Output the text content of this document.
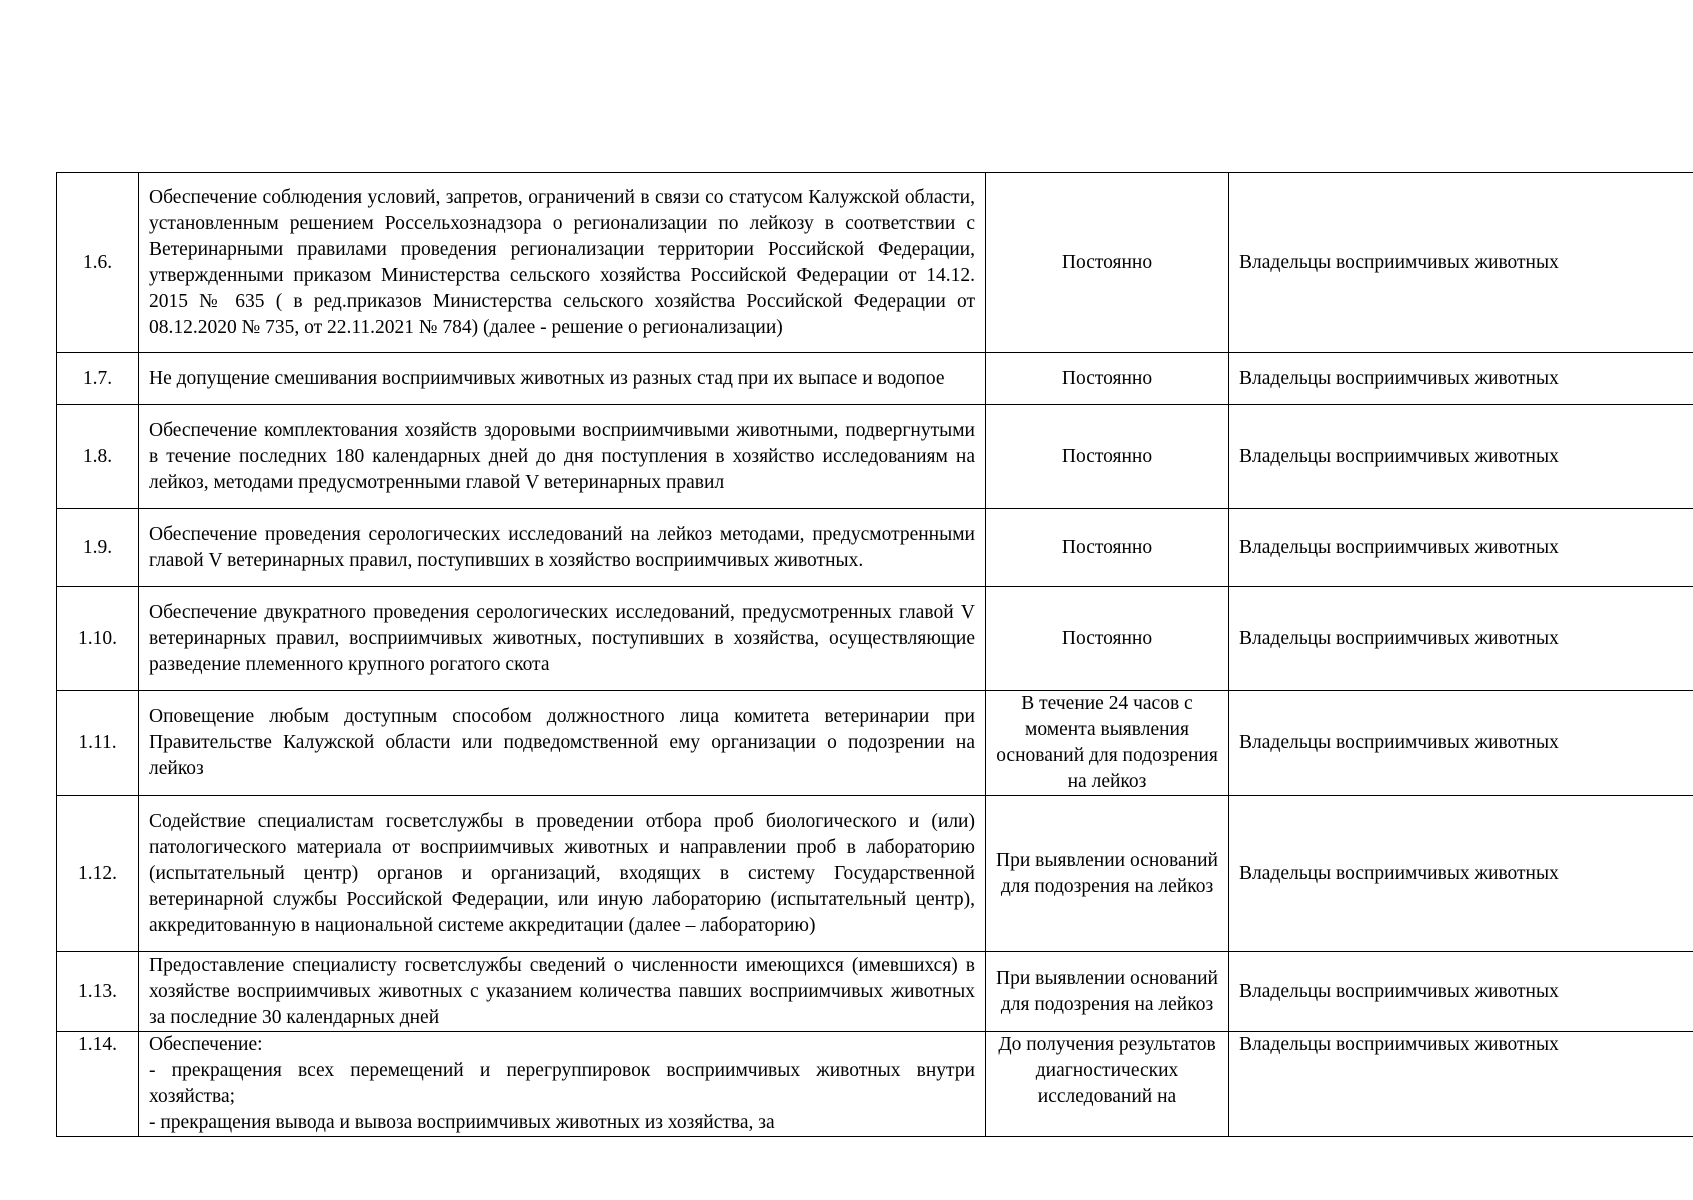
1.6.	Обеспечение соблюдения условий, запретов, ограничений в связи со статусом Калужской области, установленным решением Россельхознадзора о регионализации по лейкозу в соответствии с Ветеринарными правилами проведения регионализации территории Российской Федерации, утвержденными приказом Министерства сельского хозяйства Российской Федерации от 14.12. 2015 № 635 ( в ред.приказов Министерства сельского хозяйства Российской Федерации от 08.12.2020 № 735, от 22.11.2021 № 784) (далее - решение о регионализации)	Постоянно	Владельцы восприимчивых животных
1.7.	Не допущение смешивания восприимчивых животных из разных стад при их выпасе и водопое	Постоянно	Владельцы восприимчивых животных
1.8.	Обеспечение комплектования хозяйств здоровыми восприимчивыми животными, подвергнутыми в течение последних 180 календарных дней до дня поступления в хозяйство исследованиям на лейкоз, методами предусмотренными главой V ветеринарных правил	Постоянно	Владельцы восприимчивых животных
1.9.	Обеспечение проведения серологических исследований на лейкоз методами, предусмотренными главой V ветеринарных правил, поступивших в хозяйство восприимчивых животных.	Постоянно	Владельцы восприимчивых животных
1.10.	Обеспечение двукратного проведения серологических исследований, предусмотренных главой V ветеринарных правил, восприимчивых животных, поступивших в хозяйства, осуществляющие разведение племенного крупного рогатого скота	Постоянно	Владельцы восприимчивых животных
1.11.	Оповещение любым доступным способом должностного лица комитета ветеринарии при Правительстве Калужской области или подведомственной ему организации о подозрении на лейкоз	В течение 24 часов с момента выявления оснований для подозрения на лейкоз	Владельцы восприимчивых животных
1.12.	Содействие специалистам госветслужбы в проведении отбора проб биологического и (или) патологического материала от восприимчивых животных и направлении проб в лабораторию (испытательный центр) органов и организаций, входящих в систему Государственной ветеринарной службы Российской Федерации, или иную лабораторию (испытательный центр), аккредитованную в национальной системе аккредитации (далее – лабораторию)	При выявлении оснований для подозрения на лейкоз	Владельцы восприимчивых животных
1.13.	Предоставление специалисту госветслужбы сведений о численности имеющихся (имевшихся) в хозяйстве восприимчивых животных с указанием количества павших восприимчивых животных за последние 30 календарных дней	При выявлении оснований для подозрения на лейкоз	Владельцы восприимчивых животных
1.14.	Обеспечение:
- прекращения всех перемещений и перегруппировок восприимчивых животных внутри хозяйства;
- прекращения вывода и вывоза восприимчивых животных из хозяйства, за	До получения результатов диагностических исследований на	Владельцы восприимчивых животных
